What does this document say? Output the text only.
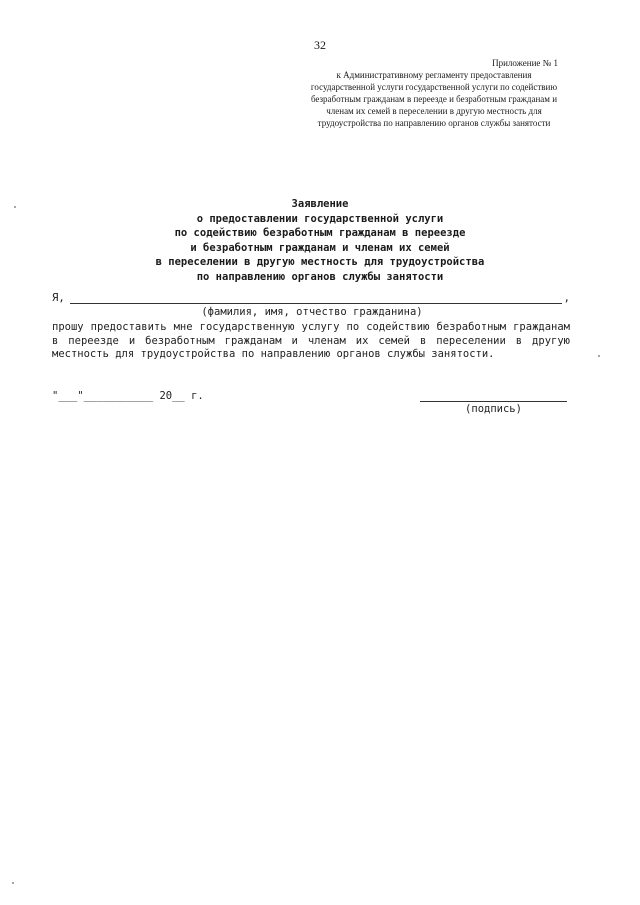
32
Приложение № 1
к Административному регламенту предоставления
государственной услуги государственной услуги по содействию
безработным гражданам в переезде и безработным гражданам и
членам их семей в переселении в другую местность для
трудоустройства по направлению органов службы занятости
Заявление
о предоставлении государственной услуги
по содействию безработным гражданам в переезде
и безработным гражданам и членам их семей
в переселении в другую местность для трудоустройства
по направлению органов службы занятости
Я,	,
(фамилия, имя, отчество гражданина)
прошу предоставить мне государственную услугу по содействию безработным гражданам в переезде и безработным гражданам и членам их семей в переселении в другую местность для трудоустройства по направлению органов службы занятости.
"___"___________ 20__ г.
(подпись)
